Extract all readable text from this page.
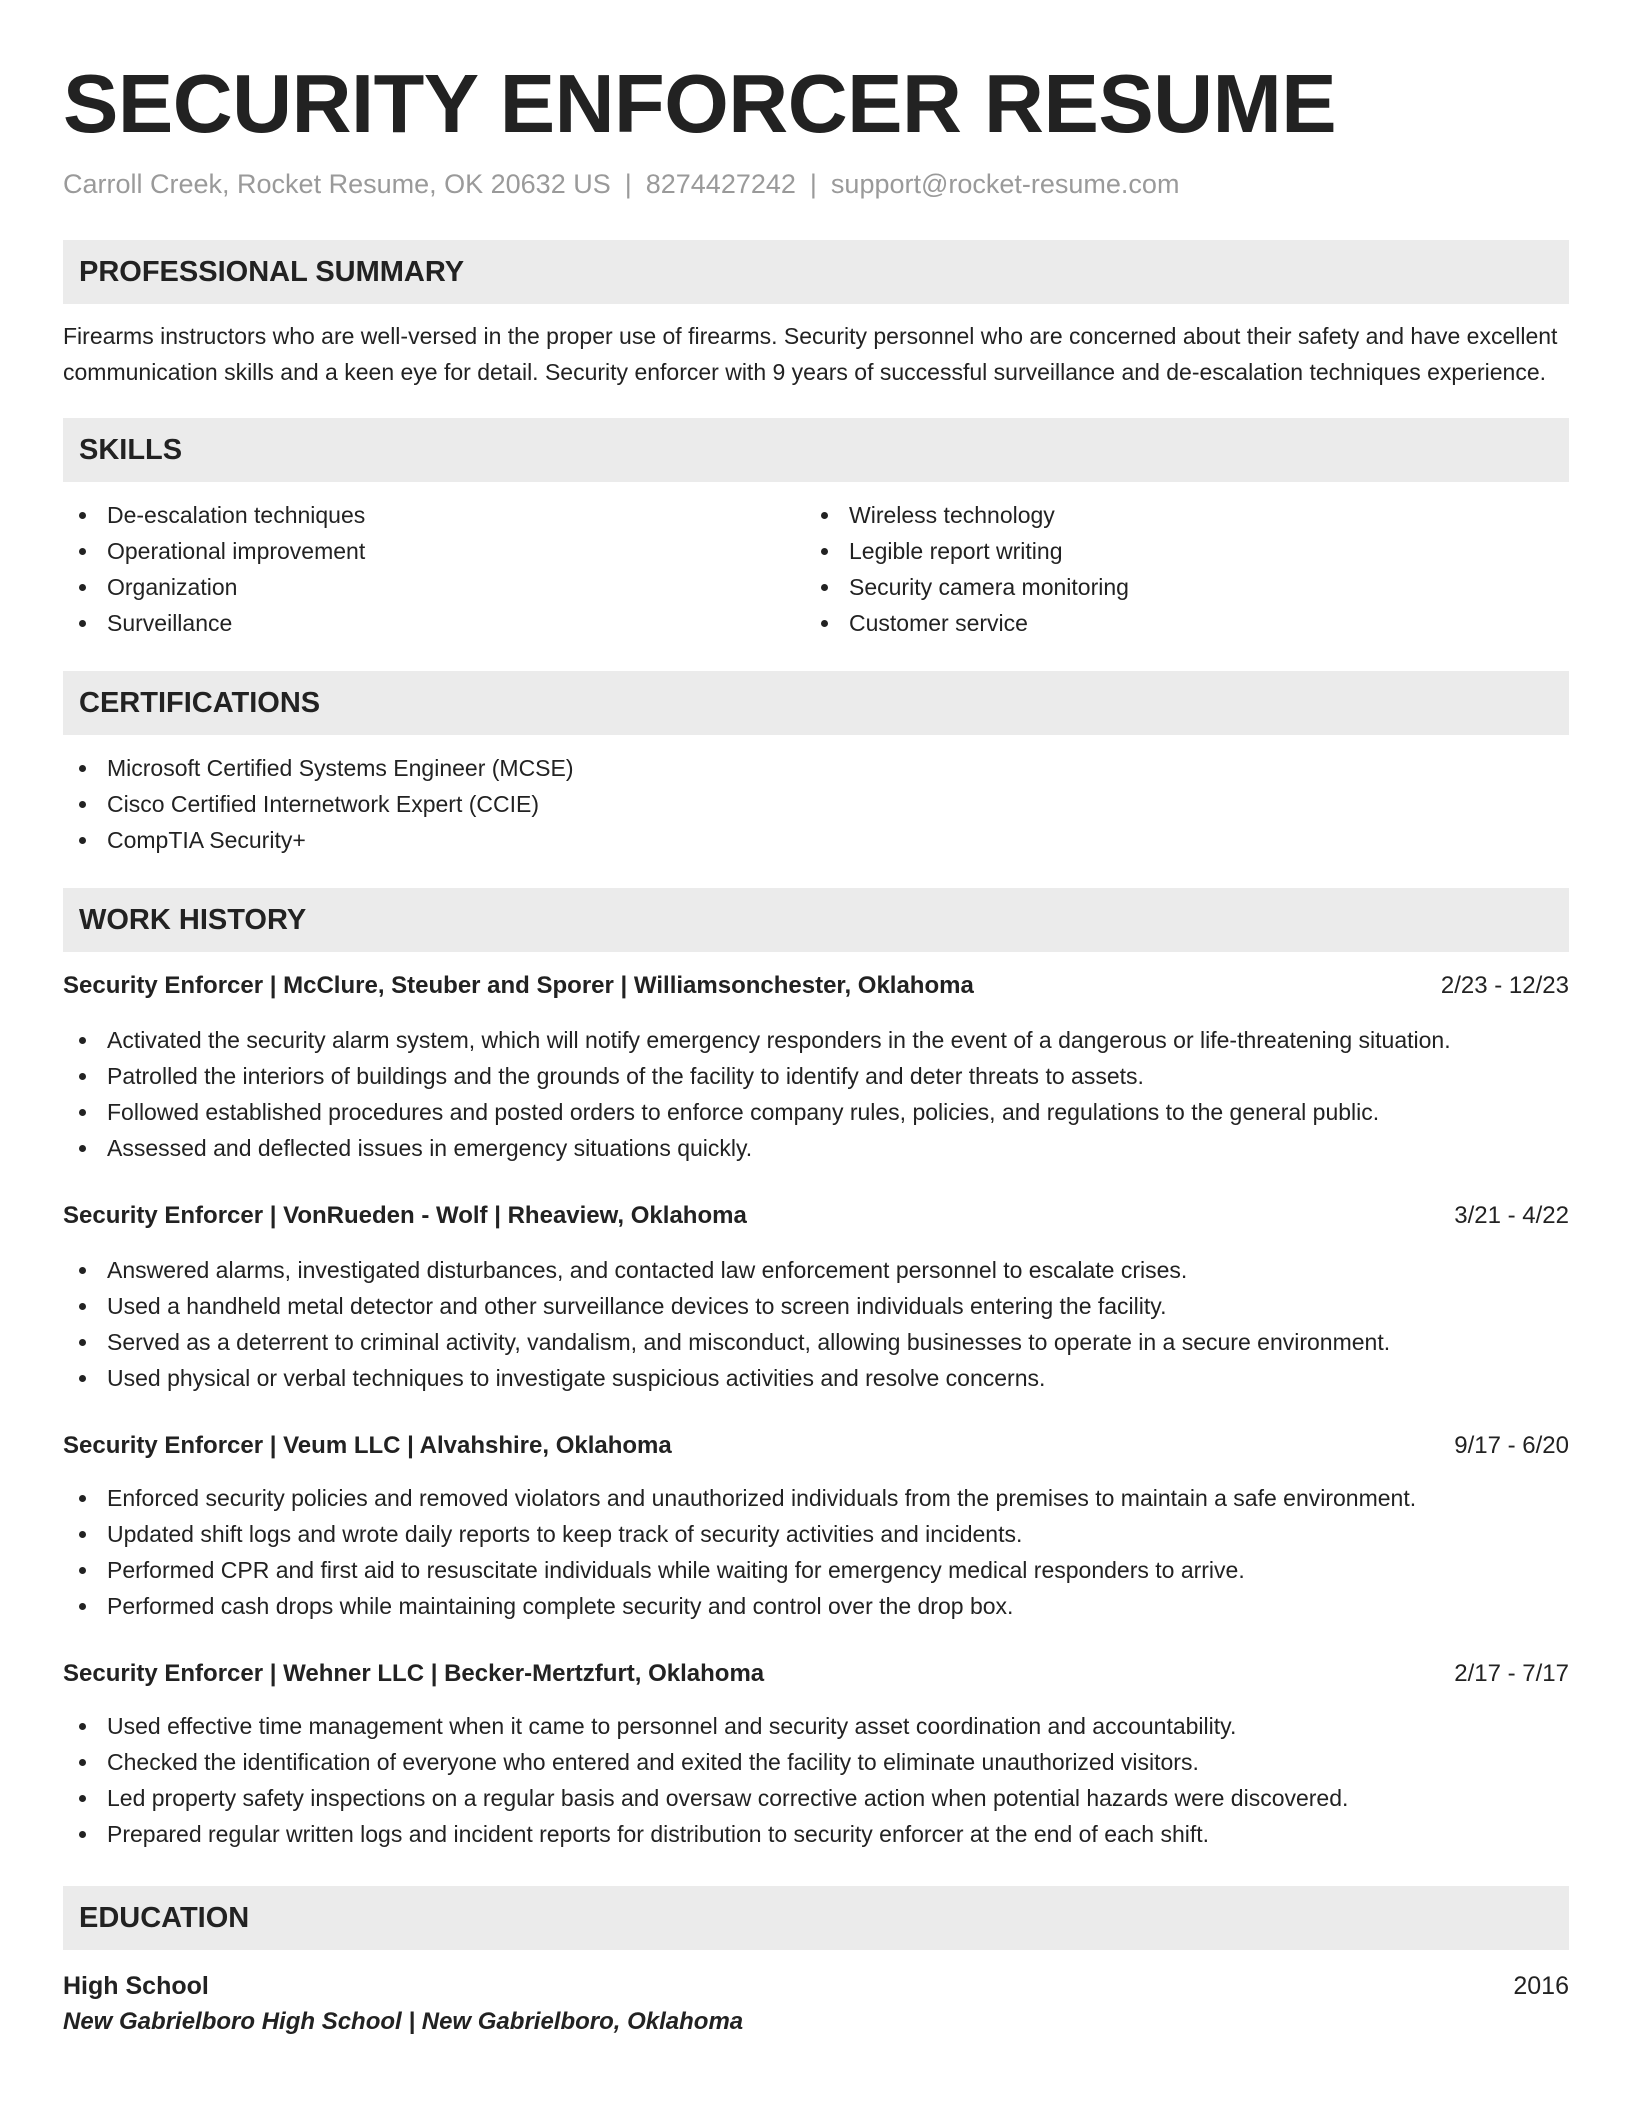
SECURITY ENFORCER RESUME
Carroll Creek, Rocket Resume, OK 20632 US | 8274427242 | support@rocket-resume.com
PROFESSIONAL SUMMARY

Firearms instructors who are well-versed in the proper use of firearms. Security personnel who are concerned about their safety and have excellent communication skills and a keen eye for detail. Security enforcer with 9 years of successful surveillance and de-escalation techniques experience.

SKILLS
De-escalation techniques
Operational improvement
Organization
Surveillance
Wireless technology
Legible report writing
Security camera monitoring
Customer service
CERTIFICATIONS
Microsoft Certified Systems Engineer (MCSE)
Cisco Certified Internetwork Expert (CCIE)
CompTIA Security+
WORK HISTORY
Security Enforcer | McClure, Steuber and Sporer | Williamsonchester, Oklahoma	2/23 - 12/23
Activated the security alarm system, which will notify emergency responders in the event of a dangerous or life-threatening situation.
Patrolled the interiors of buildings and the grounds of the facility to identify and deter threats to assets.
Followed established procedures and posted orders to enforce company rules, policies, and regulations to the general public.
Assessed and deflected issues in emergency situations quickly.
Security Enforcer | VonRueden - Wolf | Rheaview, Oklahoma	3/21 - 4/22
Answered alarms, investigated disturbances, and contacted law enforcement personnel to escalate crises.
Used a handheld metal detector and other surveillance devices to screen individuals entering the facility.
Served as a deterrent to criminal activity, vandalism, and misconduct, allowing businesses to operate in a secure environment.
Used physical or verbal techniques to investigate suspicious activities and resolve concerns.
Security Enforcer | Veum LLC | Alvahshire, Oklahoma	9/17 - 6/20
Enforced security policies and removed violators and unauthorized individuals from the premises to maintain a safe environment.
Updated shift logs and wrote daily reports to keep track of security activities and incidents.
Performed CPR and first aid to resuscitate individuals while waiting for emergency medical responders to arrive.
Performed cash drops while maintaining complete security and control over the drop box.
Security Enforcer | Wehner LLC | Becker-Mertzfurt, Oklahoma	2/17 - 7/17
Used effective time management when it came to personnel and security asset coordination and accountability.
Checked the identification of everyone who entered and exited the facility to eliminate unauthorized visitors.
Led property safety inspections on a regular basis and oversaw corrective action when potential hazards were discovered.
Prepared regular written logs and incident reports for distribution to security enforcer at the end of each shift.
EDUCATION
High School	2016
New Gabrielboro High School | New Gabrielboro, Oklahoma
